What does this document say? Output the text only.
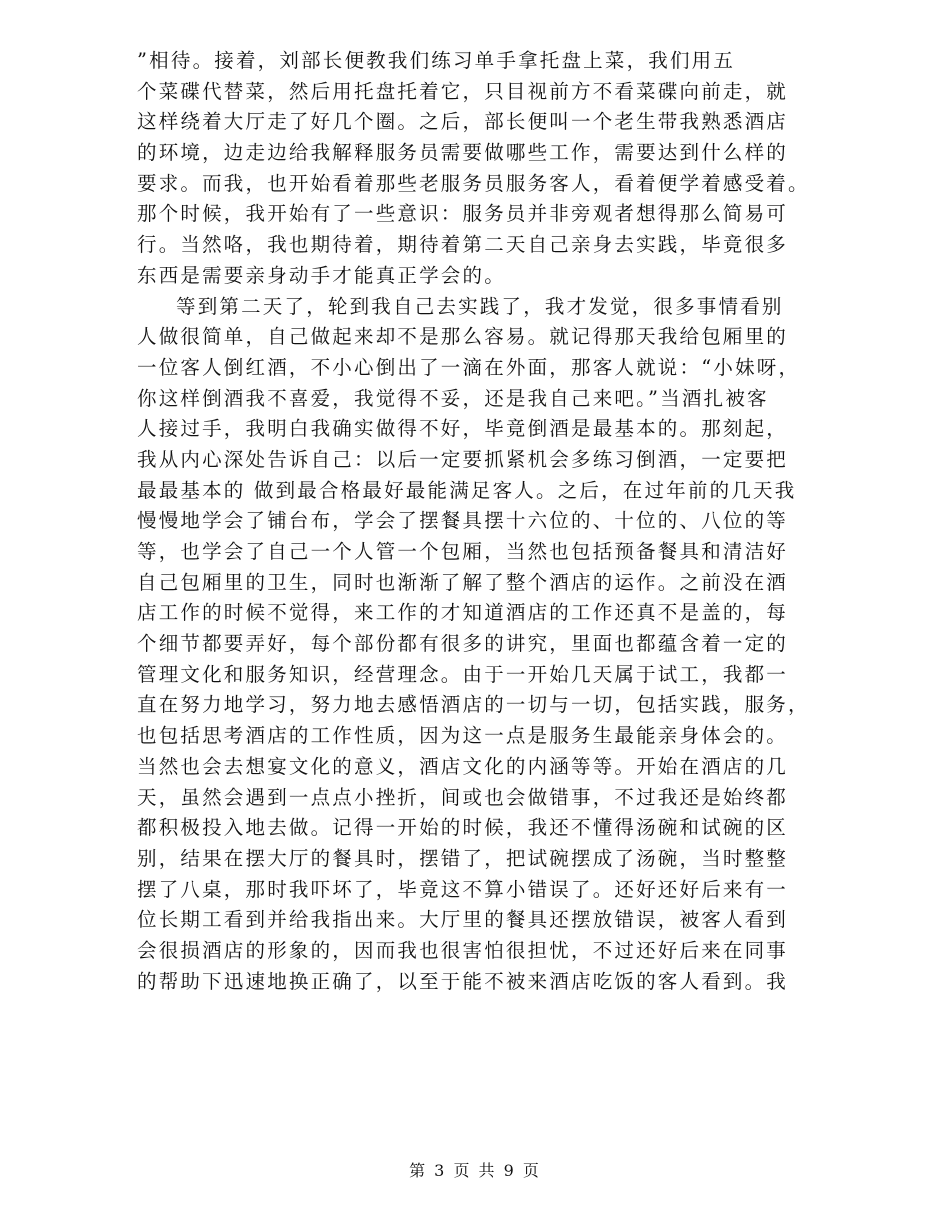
”相待。接着，刘部长便教我们练习单手拿托盘上菜，我们用五
个菜碟代替菜，然后用托盘托着它，只目视前方不看菜碟向前走，就
这样绕着大厅走了好几个圈。之后，部长便叫一个老生带我熟悉酒店
的环境，边走边给我解释服务员需要做哪些工作，需要达到什么样的
要求。而我，也开始看着那些老服务员服务客人，看着便学着感受着。
那个时候，我开始有了一些意识：服务员并非旁观者想得那么简易可
行。当然咯，我也期待着，期待着第二天自己亲身去实践，毕竟很多
东西是需要亲身动手才能真正学会的。
等到第二天了，轮到我自己去实践了，我才发觉，很多事情看别
人做很简单，自己做起来却不是那么容易。就记得那天我给包厢里的
一位客人倒红酒，不小心倒出了一滴在外面，那客人就说：“小妹呀，
你这样倒酒我不喜爱，我觉得不妥，还是我自己来吧。”当酒扎被客
人接过手，我明白我确实做得不好，毕竟倒酒是最基本的。那刻起，
我从内心深处告诉自己：以后一定要抓紧机会多练习倒酒，一定要把
最最基本的 做到最合格最好最能满足客人。之后，在过年前的几天我
慢慢地学会了铺台布，学会了摆餐具摆十六位的、十位的、八位的等
等，也学会了自己一个人管一个包厢，当然也包括预备餐具和清洁好
自己包厢里的卫生，同时也渐渐了解了整个酒店的运作。之前没在酒
店工作的时候不觉得，来工作的才知道酒店的工作还真不是盖的，每
个细节都要弄好，每个部份都有很多的讲究，里面也都蕴含着一定的
管理文化和服务知识，经营理念。由于一开始几天属于试工，我都一
直在努力地学习，努力地去感悟酒店的一切与一切，包括实践，服务，
也包括思考酒店的工作性质，因为这一点是服务生最能亲身体会的。
当然也会去想宴文化的意义，酒店文化的内涵等等。开始在酒店的几
天，虽然会遇到一点点小挫折，间或也会做错事，不过我还是始终都
都积极投入地去做。记得一开始的时候，我还不懂得汤碗和试碗的区
别，结果在摆大厅的餐具时，摆错了，把试碗摆成了汤碗，当时整整
摆了八桌，那时我吓坏了，毕竟这不算小错误了。还好还好后来有一
位长期工看到并给我指出来。大厅里的餐具还摆放错误，被客人看到
会很损酒店的形象的，因而我也很害怕很担忧，不过还好后来在同事
的帮助下迅速地换正确了，以至于能不被来酒店吃饭的客人看到。我
第 3 页 共 9 页
